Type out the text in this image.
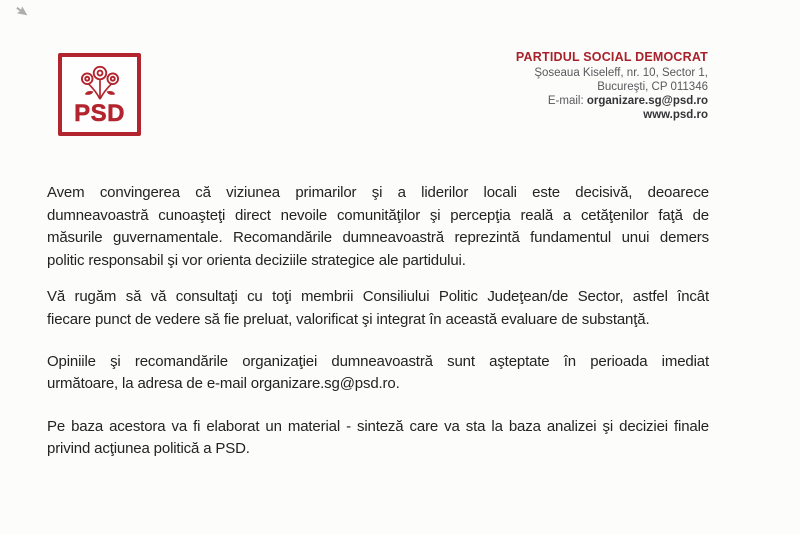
PSD
PARTIDUL SOCIAL DEMOCRAT
Şoseaua Kiseleff, nr. 10, Sector 1,
Bucureşti, CP 011346
E-mail: organizare.sg@psd.ro
www.psd.ro

Avem convingerea că viziunea primarilor şi a liderilor locali este decisivă, deoarece
dumneavoastră cunoaşteţi direct nevoile comunităţilor şi percepţia reală a cetăţenilor faţă de
măsurile guvernamentale. Recomandările dumneavoastră reprezintă fundamentul unui demers
politic responsabil şi vor orienta deciziile strategice ale partidului.

Vă rugăm să vă consultaţi cu toţi membrii Consiliului Politic Judeţean/de Sector, astfel încât
fiecare punct de vedere să fie preluat, valorificat şi integrat în această evaluare de substanţă.

Opiniile şi recomandările organizaţiei dumneavoastră sunt aşteptate în perioada imediat
următoare, la adresa de e-mail organizare.sg@psd.ro.

Pe baza acestora va fi elaborat un material - sinteză care va sta la baza analizei şi deciziei finale
privind acţiunea politică a PSD.
